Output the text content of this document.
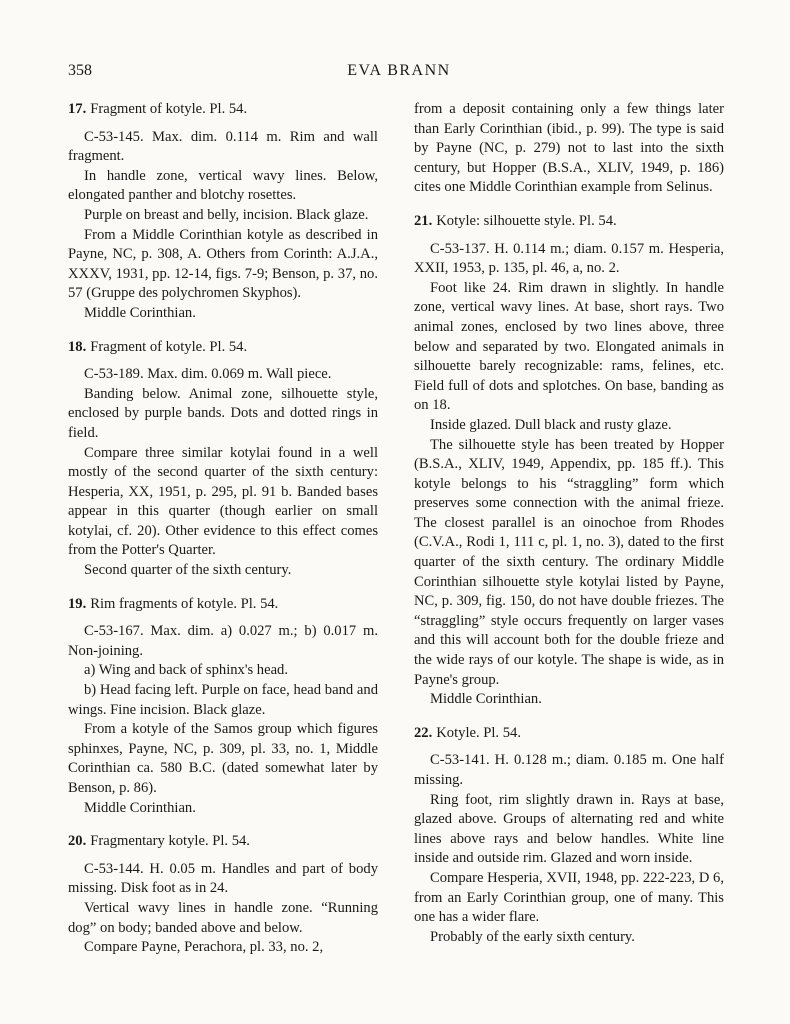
358	EVA BRANN
17. Fragment of kotyle. Pl. 54.

C-53-145. Max. dim. 0.114 m. Rim and wall fragment.

In handle zone, vertical wavy lines. Below, elongated panther and blotchy rosettes.

Purple on breast and belly, incision. Black glaze.

From a Middle Corinthian kotyle as described in Payne, NC, p. 308, A. Others from Corinth: A.J.A., XXXV, 1931, pp. 12-14, figs. 7-9; Benson, p. 37, no. 57 (Gruppe des polychromen Skyphos).

Middle Corinthian.

18. Fragment of kotyle. Pl. 54.

C-53-189. Max. dim. 0.069 m. Wall piece.

Banding below. Animal zone, silhouette style, enclosed by purple bands. Dots and dotted rings in field.

Compare three similar kotylai found in a well mostly of the second quarter of the sixth century: Hesperia, XX, 1951, p. 295, pl. 91 b. Banded bases appear in this quarter (though earlier on small kotylai, cf. 20). Other evidence to this effect comes from the Potter's Quarter.

Second quarter of the sixth century.

19. Rim fragments of kotyle. Pl. 54.

C-53-167. Max. dim. a) 0.027 m.; b) 0.017 m. Non-joining.

a) Wing and back of sphinx's head.

b) Head facing left. Purple on face, head band and wings. Fine incision. Black glaze.

From a kotyle of the Samos group which figures sphinxes, Payne, NC, p. 309, pl. 33, no. 1, Middle Corinthian ca. 580 B.C. (dated somewhat later by Benson, p. 86).

Middle Corinthian.

20. Fragmentary kotyle. Pl. 54.

C-53-144. H. 0.05 m. Handles and part of body missing. Disk foot as in 24.

Vertical wavy lines in handle zone. “Running dog” on body; banded above and below.

Compare Payne, Perachora, pl. 33, no. 2,

from a deposit containing only a few things later than Early Corinthian (ibid., p. 99). The type is said by Payne (NC, p. 279) not to last into the sixth century, but Hopper (B.S.A., XLIV, 1949, p. 186) cites one Middle Corinthian example from Selinus.

21. Kotyle: silhouette style. Pl. 54.

C-53-137. H. 0.114 m.; diam. 0.157 m. Hesperia, XXII, 1953, p. 135, pl. 46, a, no. 2.

Foot like 24. Rim drawn in slightly. In handle zone, vertical wavy lines. At base, short rays. Two animal zones, enclosed by two lines above, three below and separated by two. Elongated animals in silhouette barely recognizable: rams, felines, etc. Field full of dots and splotches. On base, banding as on 18.

Inside glazed. Dull black and rusty glaze.

The silhouette style has been treated by Hopper (B.S.A., XLIV, 1949, Appendix, pp. 185 ff.). This kotyle belongs to his “straggling” form which preserves some connection with the animal frieze. The closest parallel is an oinochoe from Rhodes (C.V.A., Rodi 1, 111 c, pl. 1, no. 3), dated to the first quarter of the sixth century. The ordinary Middle Corinthian silhouette style kotylai listed by Payne, NC, p. 309, fig. 150, do not have double friezes. The “straggling” style occurs frequently on larger vases and this will account both for the double frieze and the wide rays of our kotyle. The shape is wide, as in Payne's group.

Middle Corinthian.

22. Kotyle. Pl. 54.

C-53-141. H. 0.128 m.; diam. 0.185 m. One half missing.

Ring foot, rim slightly drawn in. Rays at base, glazed above. Groups of alternating red and white lines above rays and below handles. White line inside and outside rim. Glazed and worn inside.

Compare Hesperia, XVII, 1948, pp. 222-223, D 6, from an Early Corinthian group, one of many. This one has a wider flare.

Probably of the early sixth century.
